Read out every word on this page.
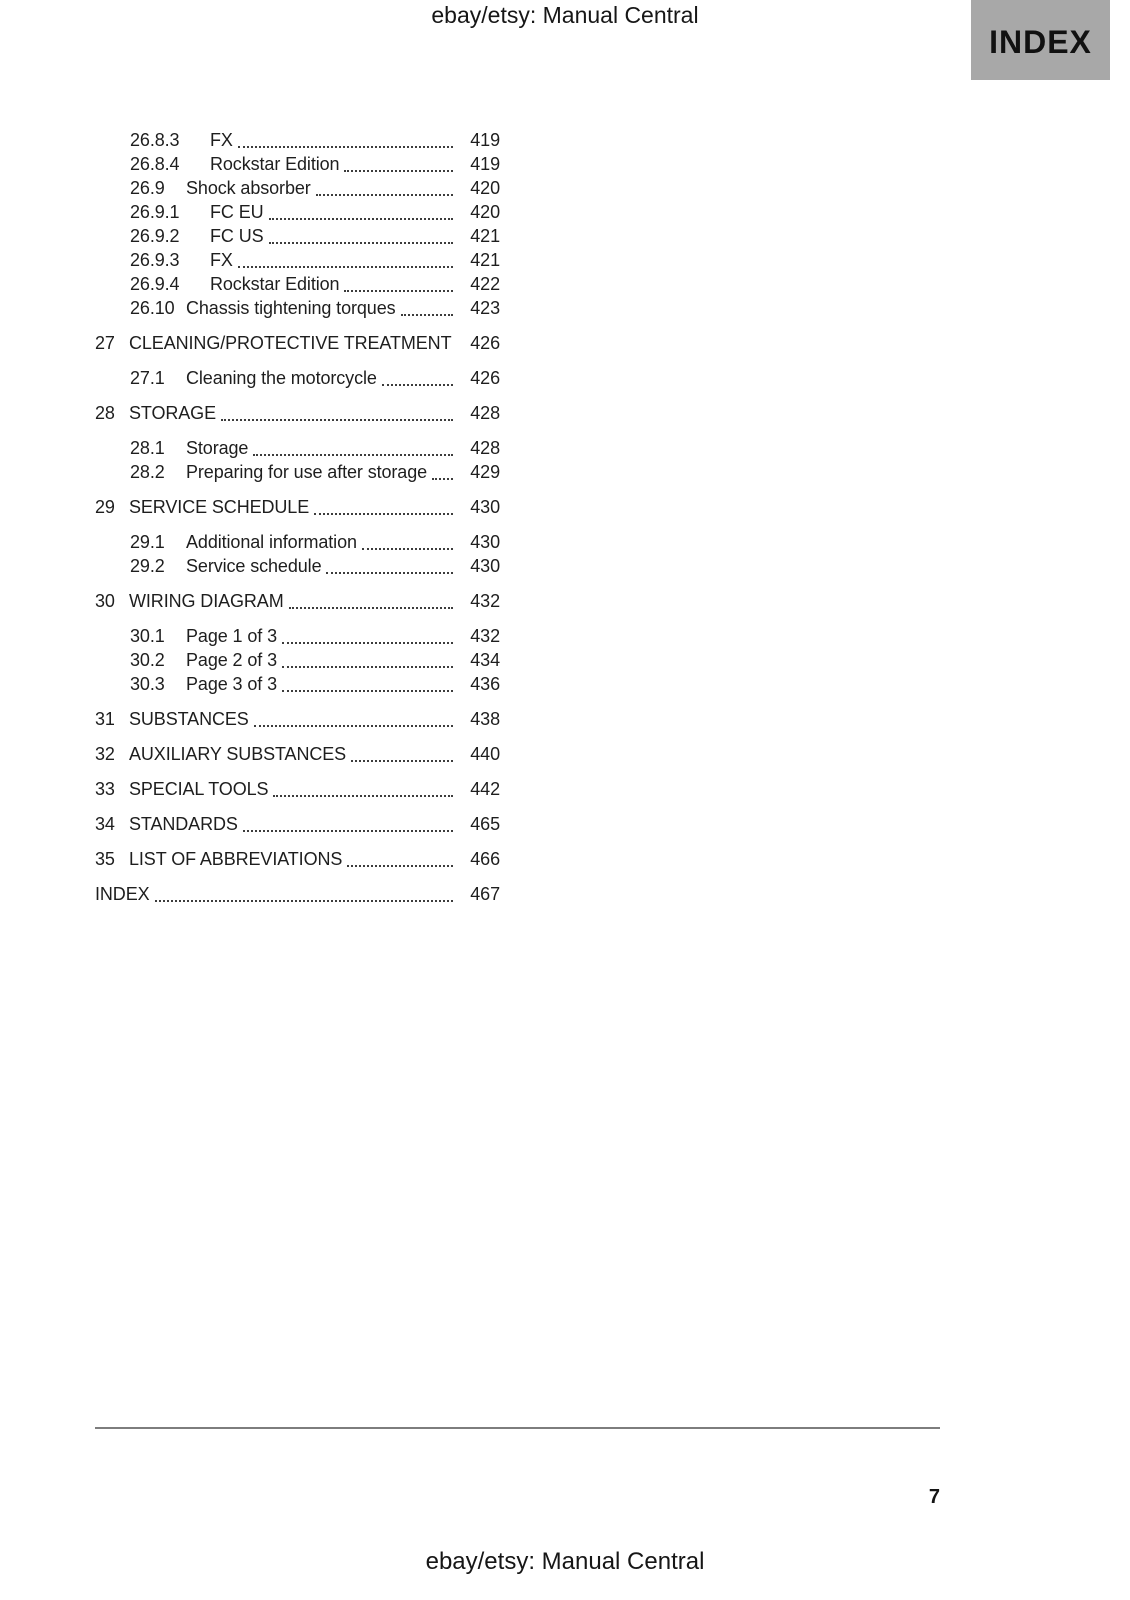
ebay/etsy: Manual Central
INDEX
26.8.3	FX	419
26.8.4	Rockstar Edition	419
26.9	Shock absorber	420
26.9.1	FC EU	420
26.9.2	FC US	421
26.9.3	FX	421
26.9.4	Rockstar Edition	422
26.10 Chassis tightening torques	423
27 CLEANING/PROTECTIVE TREATMENT	426
27.1	Cleaning the motorcycle	426
28 STORAGE	428
28.1	Storage	428
28.2	Preparing for use after storage	429
29 SERVICE SCHEDULE	430
29.1	Additional information	430
29.2	Service schedule	430
30 WIRING DIAGRAM	432
30.1	Page 1 of 3	432
30.2	Page 2 of 3	434
30.3	Page 3 of 3	436
31 SUBSTANCES	438
32 AUXILIARY SUBSTANCES	440
33 SPECIAL TOOLS	442
34 STANDARDS	465
35 LIST OF ABBREVIATIONS	466
INDEX	467
7
ebay/etsy: Manual Central
